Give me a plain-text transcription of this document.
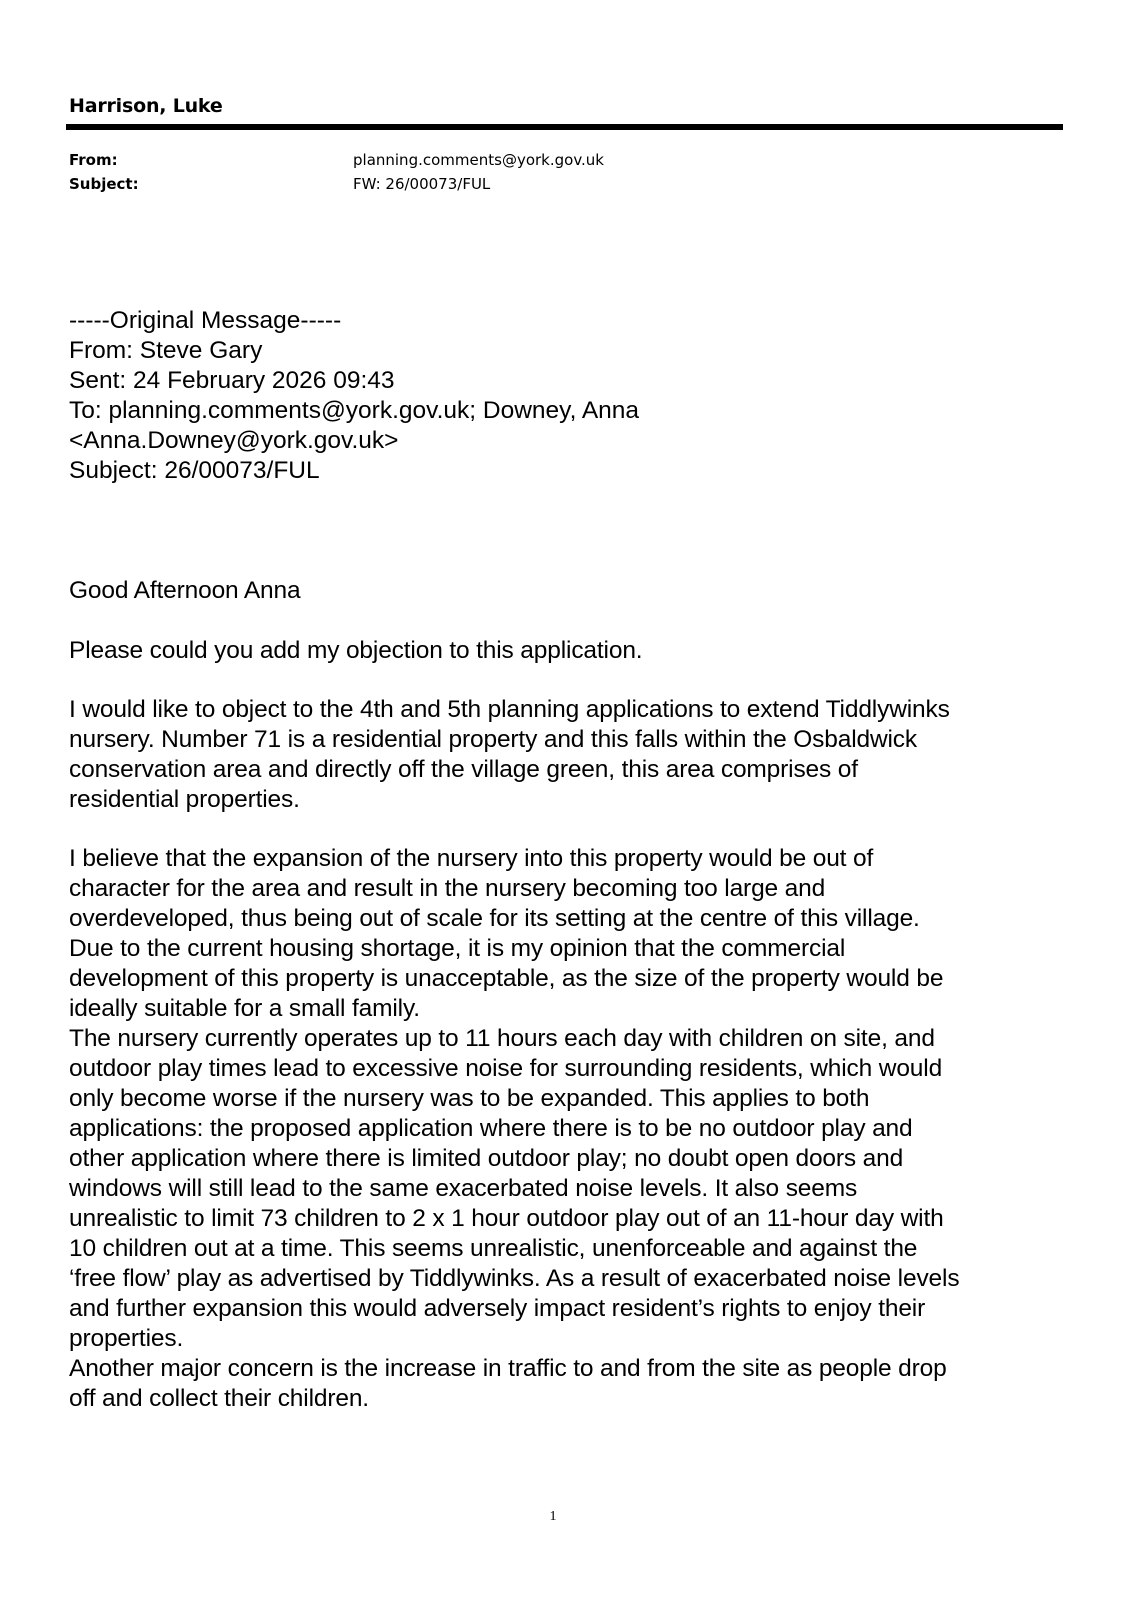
Harrison, Luke
From:	planning.comments@york.gov.uk
Subject:	FW: 26/00073/FUL
-----Original Message-----
From: Steve Gary
Sent: 24 February 2026 09:43
To: planning.comments@york.gov.uk; Downey, Anna
<Anna.Downey@york.gov.uk>
Subject: 26/00073/FUL
Good Afternoon Anna
Please could you add my objection to this application.
I would like to object to the 4th and 5th planning applications to extend Tiddlywinks
nursery. Number 71 is a residential property and this falls within the Osbaldwick
conservation area and directly off the village green, this area comprises of
residential properties.
I believe that the expansion of the nursery into this property would be out of
character for the area and result in the nursery becoming too large and
overdeveloped, thus being out of scale for its setting at the centre of this village.
Due to the current housing shortage, it is my opinion that the commercial
development of this property is unacceptable, as the size of the property would be
ideally suitable for a small family.
The nursery currently operates up to 11 hours each day with children on site, and
outdoor play times lead to excessive noise for surrounding residents, which would
only become worse if the nursery was to be expanded. This applies to both
applications: the proposed application where there is to be no outdoor play and
other application where there is limited outdoor play; no doubt open doors and
windows will still lead to the same exacerbated noise levels. It also seems
unrealistic to limit 73 children to 2 x 1 hour outdoor play out of an 11-hour day with
10 children out at a time. This seems unrealistic, unenforceable and against the
‘free flow’ play as advertised by Tiddlywinks. As a result of exacerbated noise levels
and further expansion this would adversely impact resident’s rights to enjoy their
properties.
Another major concern is the increase in traffic to and from the site as people drop
off and collect their children.
1
